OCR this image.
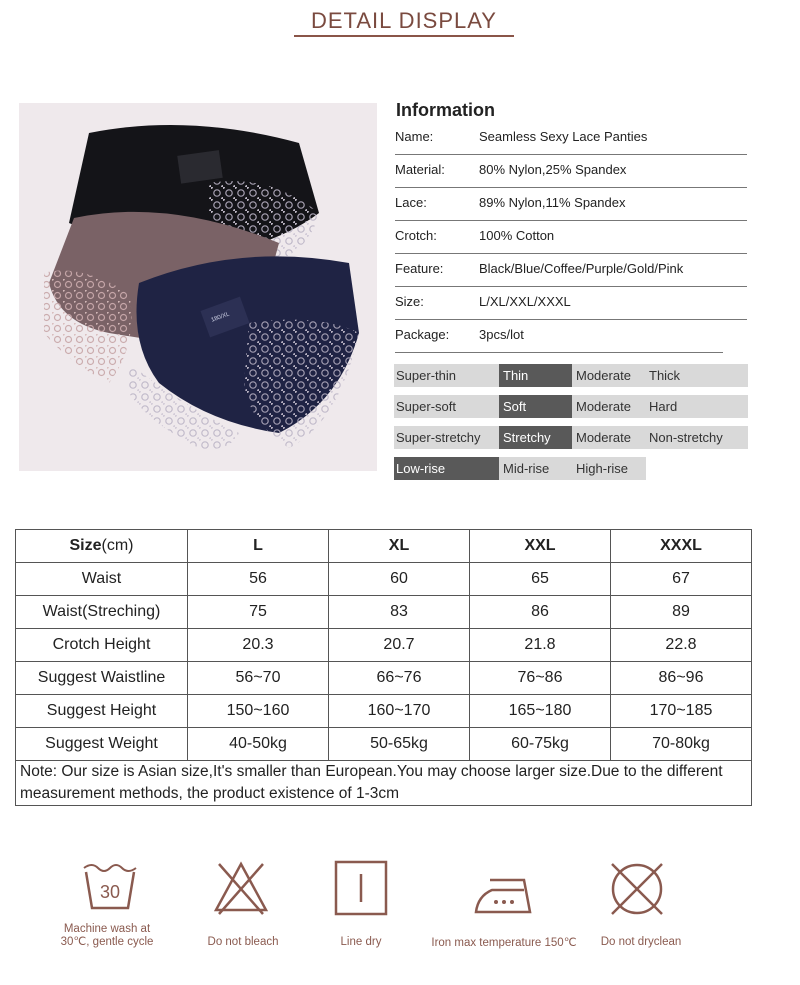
DETAIL DISPLAY
180/XL
Information
Name:	Seamless Sexy Lace Panties
Material:	80% Nylon,25% Spandex
Lace:	89% Nylon,11% Spandex
Crotch:	100% Cotton
Feature:	Black/Blue/Coffee/Purple/Gold/Pink
Size:	L/XL/XXL/XXXL
Package: 3pcs/lot
Super-thin	Thin	Moderate	Thick
Super-soft	Soft	Moderate	Hard
Super-stretchy	Stretchy	Moderate	Non-stretchy
Low-rise	Mid-rise	High-rise
Size(cm)	L	XL	XXL	XXXL
Waist	56	60	65	67
Waist(Streching)	75	83	86	89
Crotch Height	20.3	20.7	21.8	22.8
Suggest Waistline	56~70	66~76	76~86	86~96
Suggest Height	150~160	160~170	165~180	170~185
Suggest Weight	40-50kg	50-65kg	60-75kg	70-80kg
Note: Our size is Asian size,It's smaller than European.You may choose larger size.Due to the different measurement methods, the product existence of 1-3cm				
30
Machine wash at
30℃, gentle cycle	Do not bleach	Line dry	Iron max temperature 150℃	Do not dryclean
